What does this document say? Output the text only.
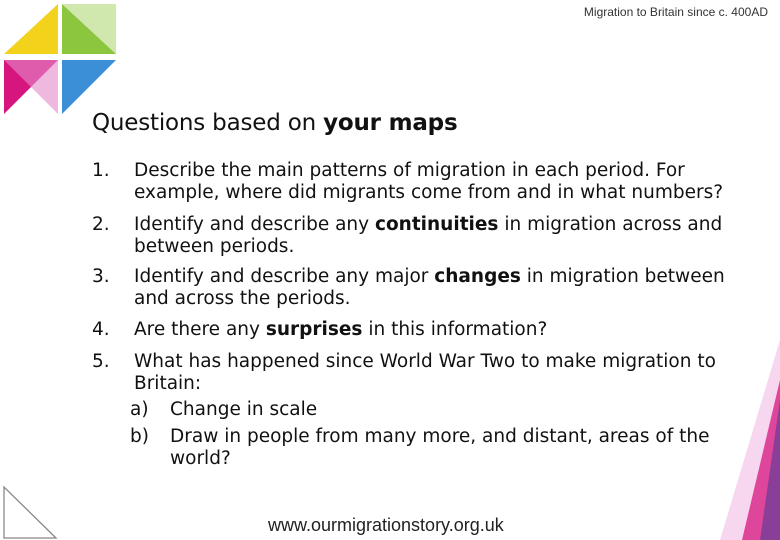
Migration to Britain since c. 400AD
Questions based on your maps
1. Describe the main patterns of migration in each period. For example, where did migrants come from and in what numbers?
2. Identify and describe any continuities in migration across and between periods.
3. Identify and describe any major changes in migration between and across the periods.
4. Are there any surprises in this information?
5. What has happened since World War Two to make migration to Britain:
a) Change in scale
b) Draw in people from many more, and distant, areas of the world?
www.ourmigrationstory.org.uk
